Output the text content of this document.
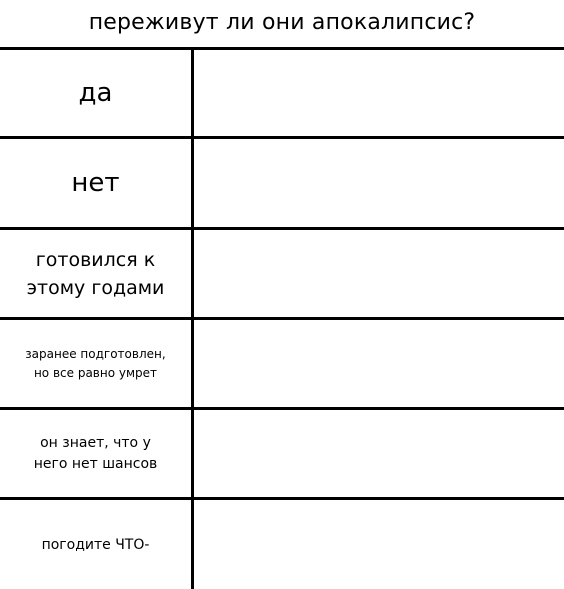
переживут ли они апокалипсис?
да
нет
готовился к
этому годами
заранее подготовлен,
но все равно умрет
он знает, что у
него нет шансов
погодите ЧТО-
